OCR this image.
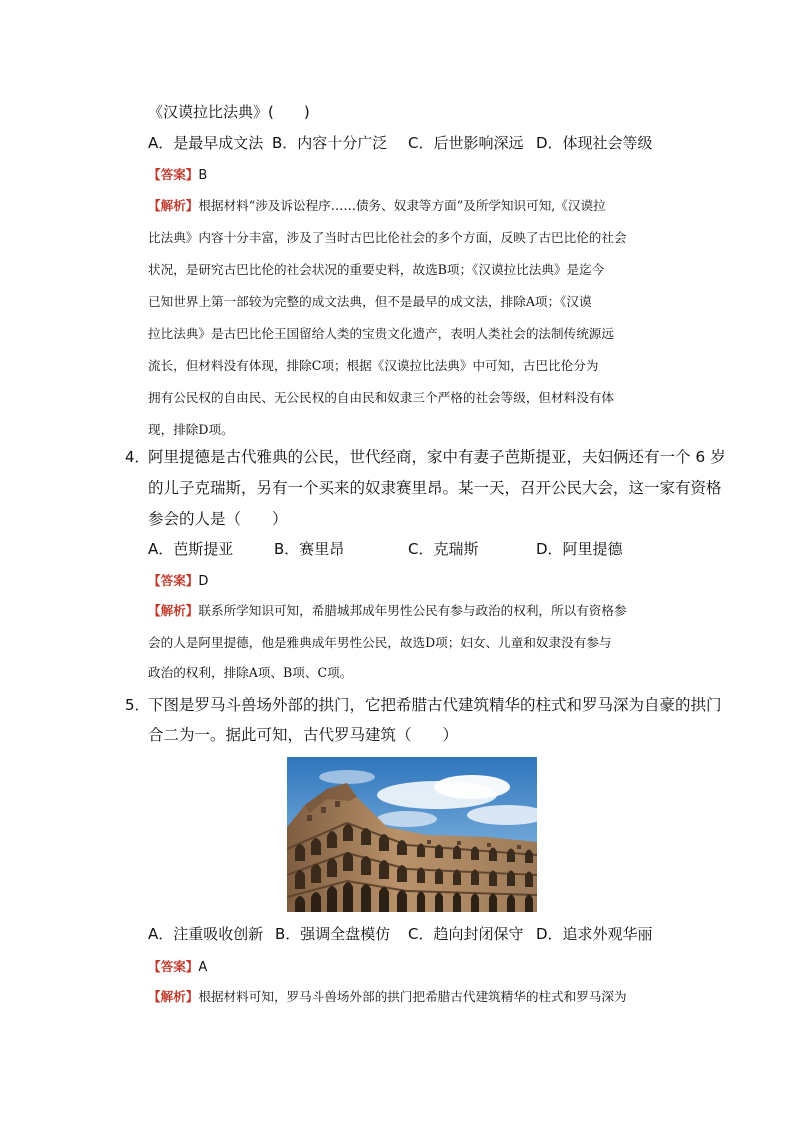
《汉谟拉比法典》(　　)
A．是最早成文法 B．内容十分广泛 C．后世影响深远 D．体现社会等级
【答案】B
【解析】根据材料“涉及诉讼程序……债务、奴隶等方面”及所学知识可知,《汉谟拉
比法典》内容十分丰富，涉及了当时古巴比伦社会的多个方面，反映了古巴比伦的社会
状况，是研究古巴比伦的社会状况的重要史料，故选B项；《汉谟拉比法典》是迄今
已知世界上第一部较为完整的成文法典，但不是最早的成文法，排除A项；《汉谟
拉比法典》是古巴比伦王国留给人类的宝贵文化遗产，表明人类社会的法制传统源远
流长，但材料没有体现，排除C项；根据《汉谟拉比法典》中可知，古巴比伦分为
拥有公民权的自由民、无公民权的自由民和奴隶三个严格的社会等级，但材料没有体
现，排除D项。
4．
阿里提德是古代雅典的公民，世代经商，家中有妻子芭斯提亚，夫妇俩还有一个 6 岁
的儿子克瑞斯，另有一个买来的奴隶赛里昂。某一天，召开公民大会，这一家有资格
参会的人是（　　）
A．芭斯提亚	B．赛里昂	C．克瑞斯	D．阿里提德
【答案】D
【解析】联系所学知识可知，希腊城邦成年男性公民有参与政治的权利，所以有资格参
会的人是阿里提德，他是雅典成年男性公民，故选D项；妇女、儿童和奴隶没有参与
政治的权利，排除A项、B项、C项。
5．
下图是罗马斗兽场外部的拱门，它把希腊古代建筑精华的柱式和罗马深为自豪的拱门
合二为一。据此可知，古代罗马建筑（　　）
A．注重吸收创新 B．强调全盘模仿 C．趋向封闭保守 D．追求外观华丽
【答案】A
【解析】根据材料可知，罗马斗兽场外部的拱门把希腊古代建筑精华的柱式和罗马深为
